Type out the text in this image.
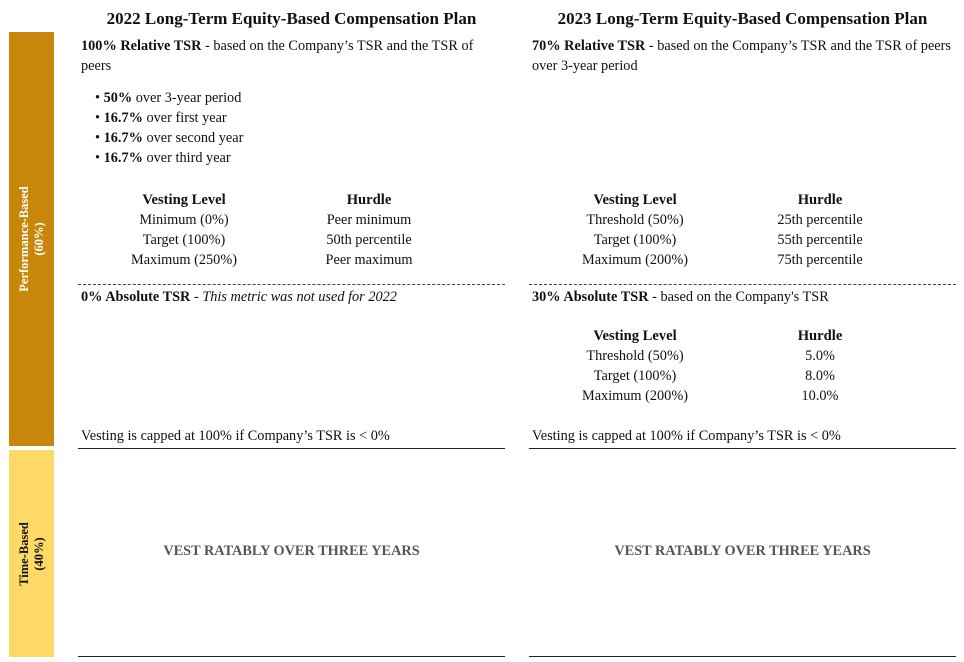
2022 Long-Term Equity-Based Compensation Plan	2023 Long-Term Equity-Based Compensation Plan
Performance-Based (60%)
Time-Based (40%)
100% Relative TSR - based on the Company’s TSR and the TSR of peers
• 50% over 3-year period
• 16.7% over first year
• 16.7% over second year
• 16.7% over third year
Vesting Level	Hurdle
Minimum (0%)	Peer minimum
Target (100%)	50th percentile
Maximum (250%)	Peer maximum
0% Absolute TSR - This metric was not used for 2022
Vesting is capped at 100% if Company’s TSR is < 0%
VEST RATABLY OVER THREE YEARS
70% Relative TSR - based on the Company’s TSR and the TSR of peers over 3-year period
Vesting Level	Hurdle
Threshold (50%)	25th percentile
Target (100%)	55th percentile
Maximum (200%)	75th percentile
30% Absolute TSR - based on the Company's TSR
Vesting Level	Hurdle
Threshold (50%)	5.0%
Target (100%)	8.0%
Maximum (200%)	10.0%
Vesting is capped at 100% if Company’s TSR is < 0%
VEST RATABLY OVER THREE YEARS
